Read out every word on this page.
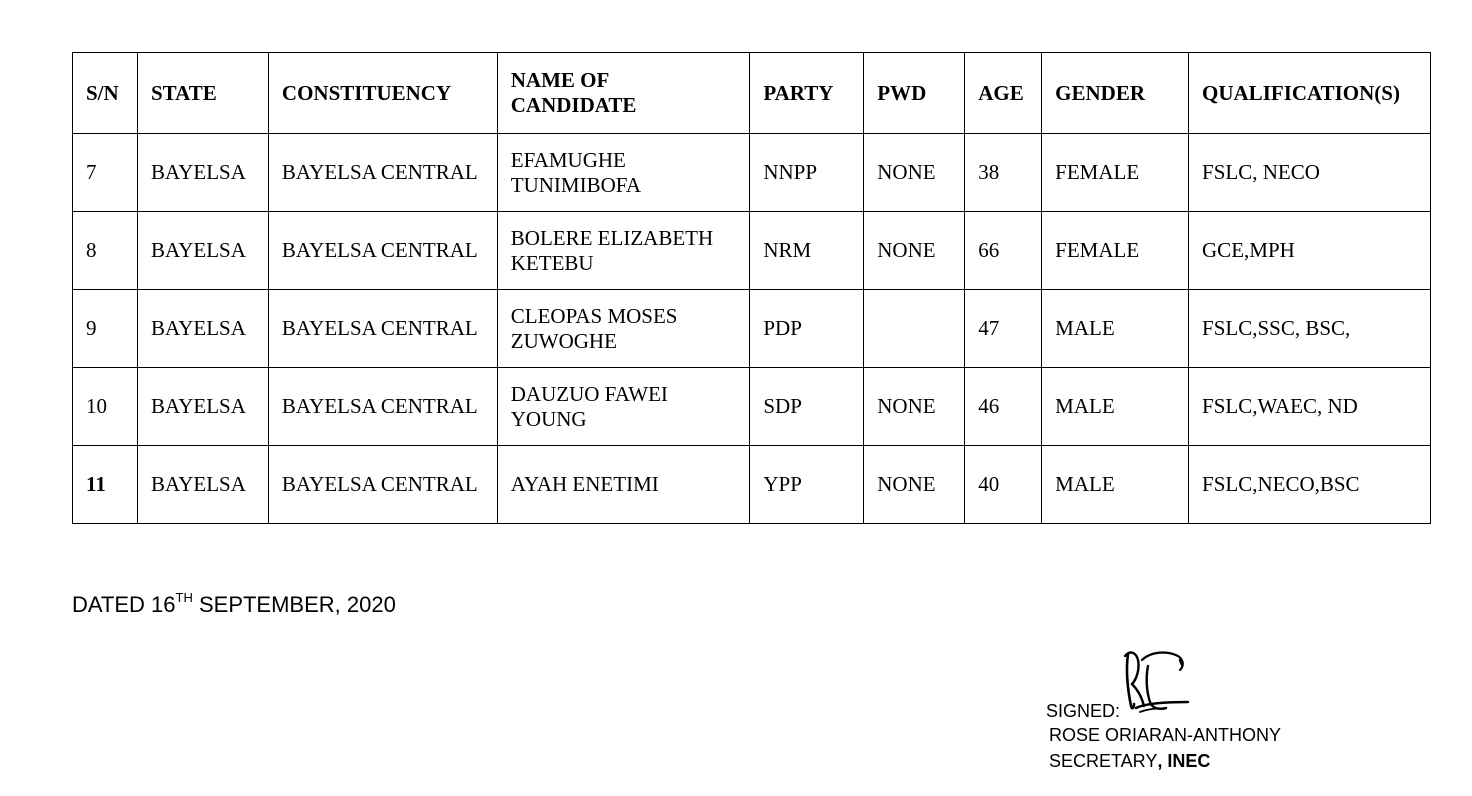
S/N	STATE	CONSTITUENCY	NAME OF CANDIDATE	PARTY	PWD	AGE	GENDER	QUALIFICATION(S)
7	BAYELSA	BAYELSA CENTRAL	EFAMUGHE TUNIMIBOFA	NNPP	NONE	38	FEMALE	FSLC, NECO
8	BAYELSA	BAYELSA CENTRAL	BOLERE ELIZABETH KETEBU	NRM	NONE	66	FEMALE	GCE,MPH
9	BAYELSA	BAYELSA CENTRAL	CLEOPAS MOSES ZUWOGHE	PDP		47	MALE	FSLC,SSC, BSC,
10	BAYELSA	BAYELSA CENTRAL	DAUZUO FAWEI YOUNG	SDP	NONE	46	MALE	FSLC,WAEC, ND
11	BAYELSA	BAYELSA CENTRAL	AYAH ENETIMI	YPP	NONE	40	MALE	FSLC,NECO,BSC
DATED 16TH SEPTEMBER, 2020
SIGNED:
ROSE ORIARAN-ANTHONY
SECRETARY, INEC
